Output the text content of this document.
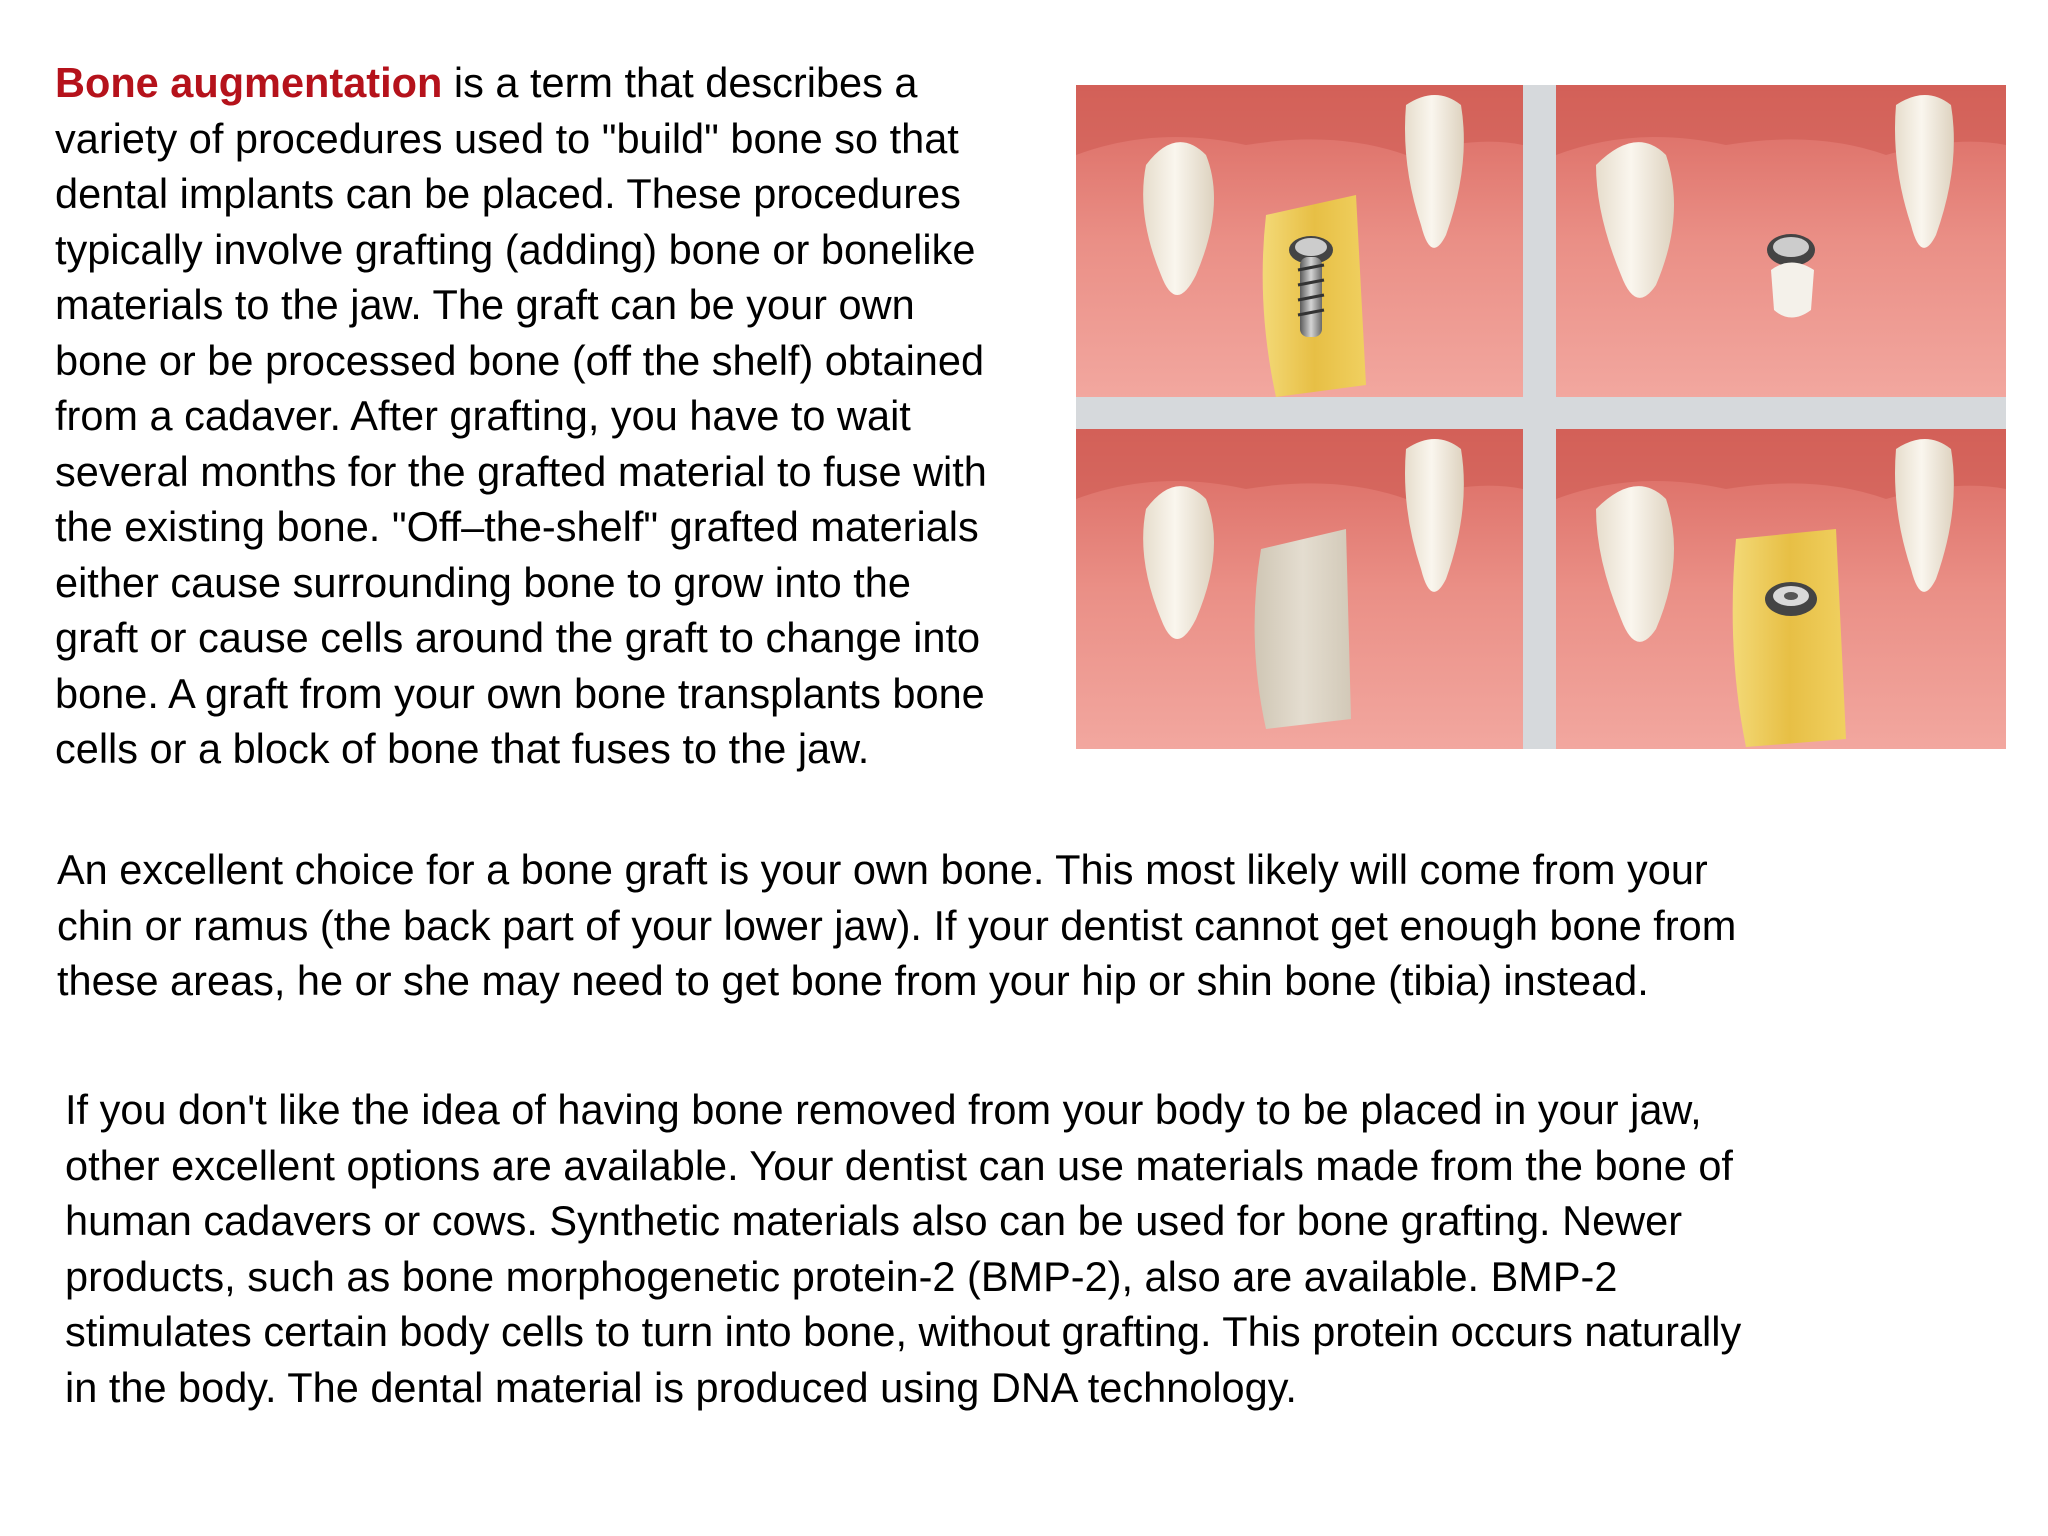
Bone augmentation is a term that describes a
variety of procedures used to "build" bone so that
dental implants can be placed. These procedures
typically involve grafting (adding) bone or bonelike
materials to the jaw. The graft can be your own
bone or be processed bone (off the shelf) obtained
from a cadaver. After grafting, you have to wait
several months for the grafted material to fuse with
the existing bone. "Off–the-shelf" grafted materials
either cause surrounding bone to grow into the
graft or cause cells around the graft to change into
bone. A graft from your own bone transplants bone
cells or a block of bone that fuses to the jaw.

An excellent choice for a bone graft is your own bone. This most likely will come from your
chin or ramus (the back part of your lower jaw). If your dentist cannot get enough bone from
these areas, he or she may need to get bone from your hip or shin bone (tibia) instead.

If you don't like the idea of having bone removed from your body to be placed in your jaw,
other excellent options are available. Your dentist can use materials made from the bone of
human cadavers or cows. Synthetic materials also can be used for bone grafting. Newer
products, such as bone morphogenetic protein-2 (BMP-2), also are available. BMP-2
stimulates certain body cells to turn into bone, without grafting. This protein occurs naturally
in the body. The dental material is produced using DNA technology.
